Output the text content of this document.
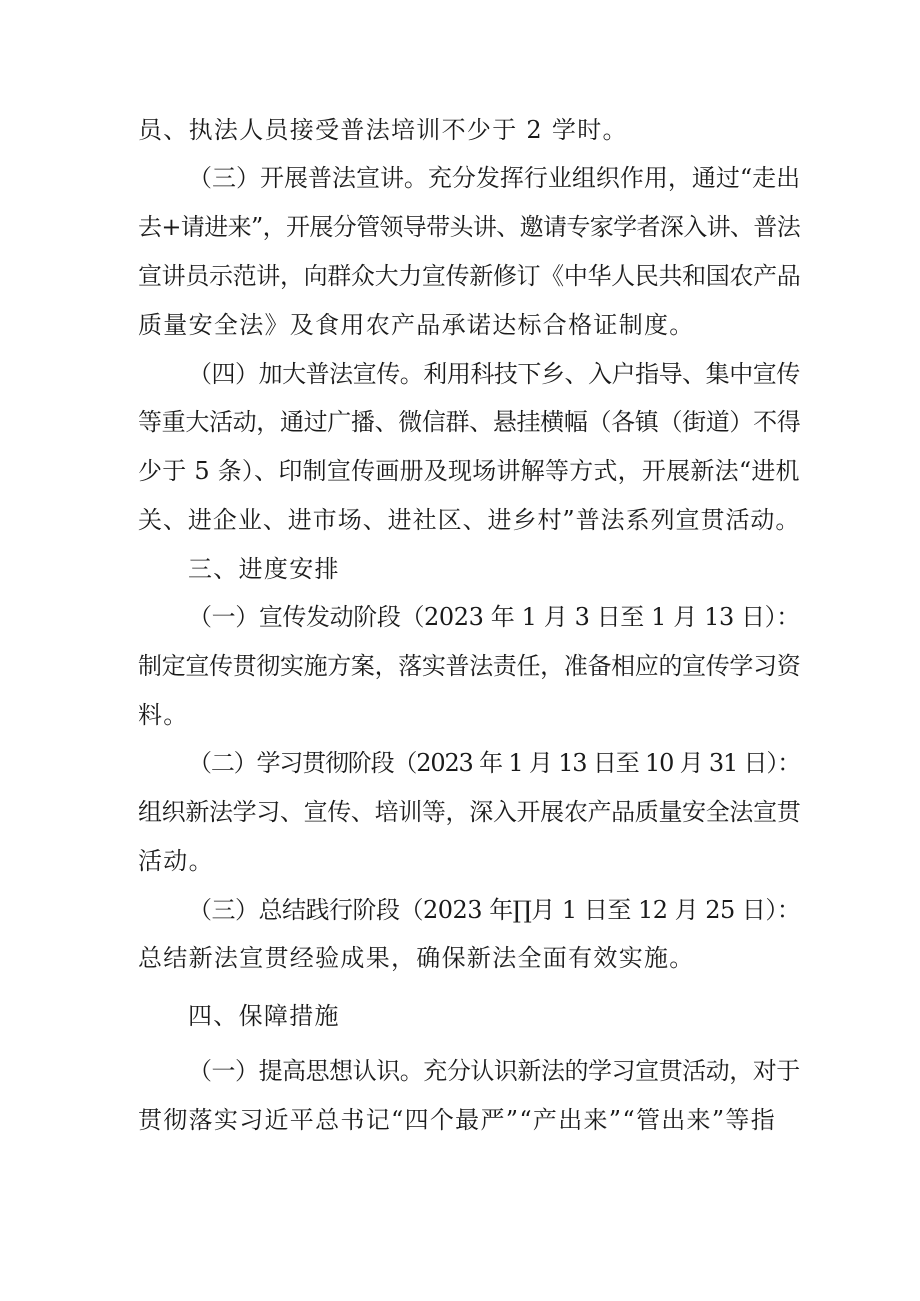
员、执法人员接受普法培训不少于 2 学时。
（三）开展普法宣讲。充分发挥行业组织作用，通过“走出
去+请进来”，开展分管领导带头讲、邀请专家学者深入讲、普法
宣讲员示范讲，向群众大力宣传新修订《中华人民共和国农产品
质量安全法》及食用农产品承诺达标合格证制度。
（四）加大普法宣传。利用科技下乡、入户指导、集中宣传
等重大活动，通过广播、微信群、悬挂横幅（各镇（街道）不得
少于 5 条）、印制宣传画册及现场讲解等方式，开展新法“进机
关、进企业、进市场、进社区、进乡村”普法系列宣贯活动。
三、进度安排
（一）宣传发动阶段（2023 年 1 月 3 日至 1 月 13 日）：
制定宣传贯彻实施方案，落实普法责任，准备相应的宣传学习资
料。
（二）学习贯彻阶段（2023 年 1 月 13 日至 10 月 31 日）：
组织新法学习、宣传、培训等，深入开展农产品质量安全法宣贯
活动。
（三）总结践行阶段（2023 年∏月 1 日至 12 月 25 日）：
总结新法宣贯经验成果，确保新法全面有效实施。
四、保障措施
（一）提高思想认识。充分认识新法的学习宣贯活动，对于
贯彻落实习近平总书记“四个最严”“产出来”“管出来”等指
